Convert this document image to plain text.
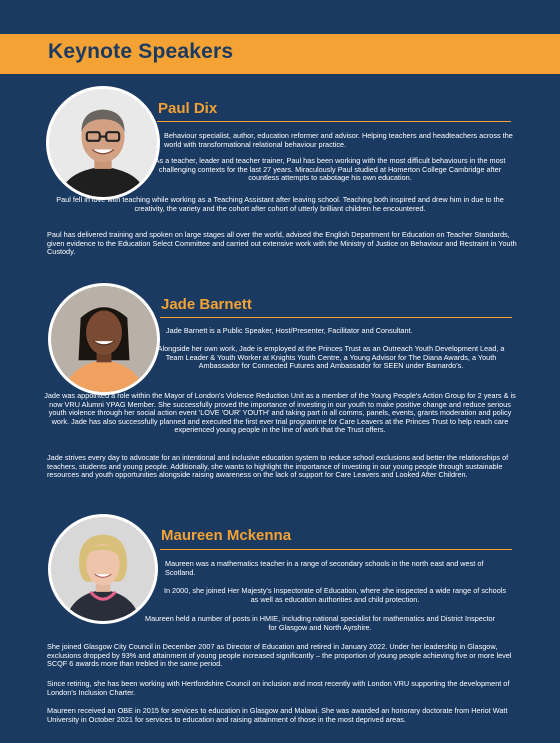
Keynote Speakers
Paul Dix

Behaviour specialist, author, education reformer and advisor. Helping teachers and headteachers across the world with transformational relational behaviour practice.

As a teacher, leader and teacher trainer, Paul has been working with the most difficult behaviours in the most challenging contexts for the last 27 years. Miraculously Paul studied at Homerton College Cambridge after countless attempts to sabotage his own education.

Paul fell in love with teaching while working as a Teaching Assistant after leaving school. Teaching both inspired and drew him in due to the creativity, the variety and the cohort after cohort of utterly brilliant children he encountered.

Paul has delivered training and spoken on large stages all over the world, advised the English Department for Education on Teacher Standards, given evidence to the Education Select Committee and carried out extensive work with the Ministry of Justice on Behaviour and Restraint in Youth Custody.

Jade Barnett

Jade Barnett is a Public Speaker, Host/Presenter, Facilitator and Consultant.

Alongside her own work, Jade is employed at the Princes Trust as an Outreach Youth Development Lead, a Team Leader & Youth Worker at Knights Youth Centre, a Young Advisor for The Diana Awards, a Youth Ambassador for Connected Futures and Ambassador for SEEN under Barnardo's.

Jade was appointed a role within the Mayor of London's Violence Reduction Unit as a member of the Young People's Action Group for 2 years & is now VRU Alumni YPAG Member. She successfully proved the importance of investing in our youth to make positive change and reduce serious youth violence through her social action event 'LOVE 'OUR' YOUTH' and taking part in all comms, panels, events, grants moderation and policy work. Jade has also successfully planned and executed the first ever trial programme for Care Leavers at the Princes Trust to help reach care experienced young people in the line of work that the Trust offers.

Jade strives every day to advocate for an intentional and inclusive education system to reduce school exclusions and better the relationships of teachers, students and young people. Additionally, she wants to highlight the importance of investing in our young people through sustainable resources and youth opportunities alongside raising awareness on the lack of support for Care Leavers and Looked After Children.

Maureen Mckenna

Maureen was a mathematics teacher in a range of secondary schools in the north east and west of Scotland.

In 2000, she joined Her Majesty's Inspectorate of Education, where she inspected a wide range of schools as well as education authorities and child protection.

Maureen held a number of posts in HMIE, including national specialist for mathematics and District Inspector for Glasgow and North Ayrshire.

She joined Glasgow City Council in December 2007 as Director of Education and retired in January 2022. Under her leadership in Glasgow, exclusions dropped by 93% and attainment of young people increased significantly – the proportion of young people achieving five or more level SCQF 6 awards more than trebled in the same period.

Since retiring, she has been working with Hertfordshire Council on inclusion and most recently with London VRU supporting the development of London's Inclusion Charter.

Maureen received an OBE in 2015 for services to education in Glasgow and Malawi. She was awarded an honorary doctorate from Heriot Watt University in October 2021 for services to education and raising attainment of those in the most deprived areas.
